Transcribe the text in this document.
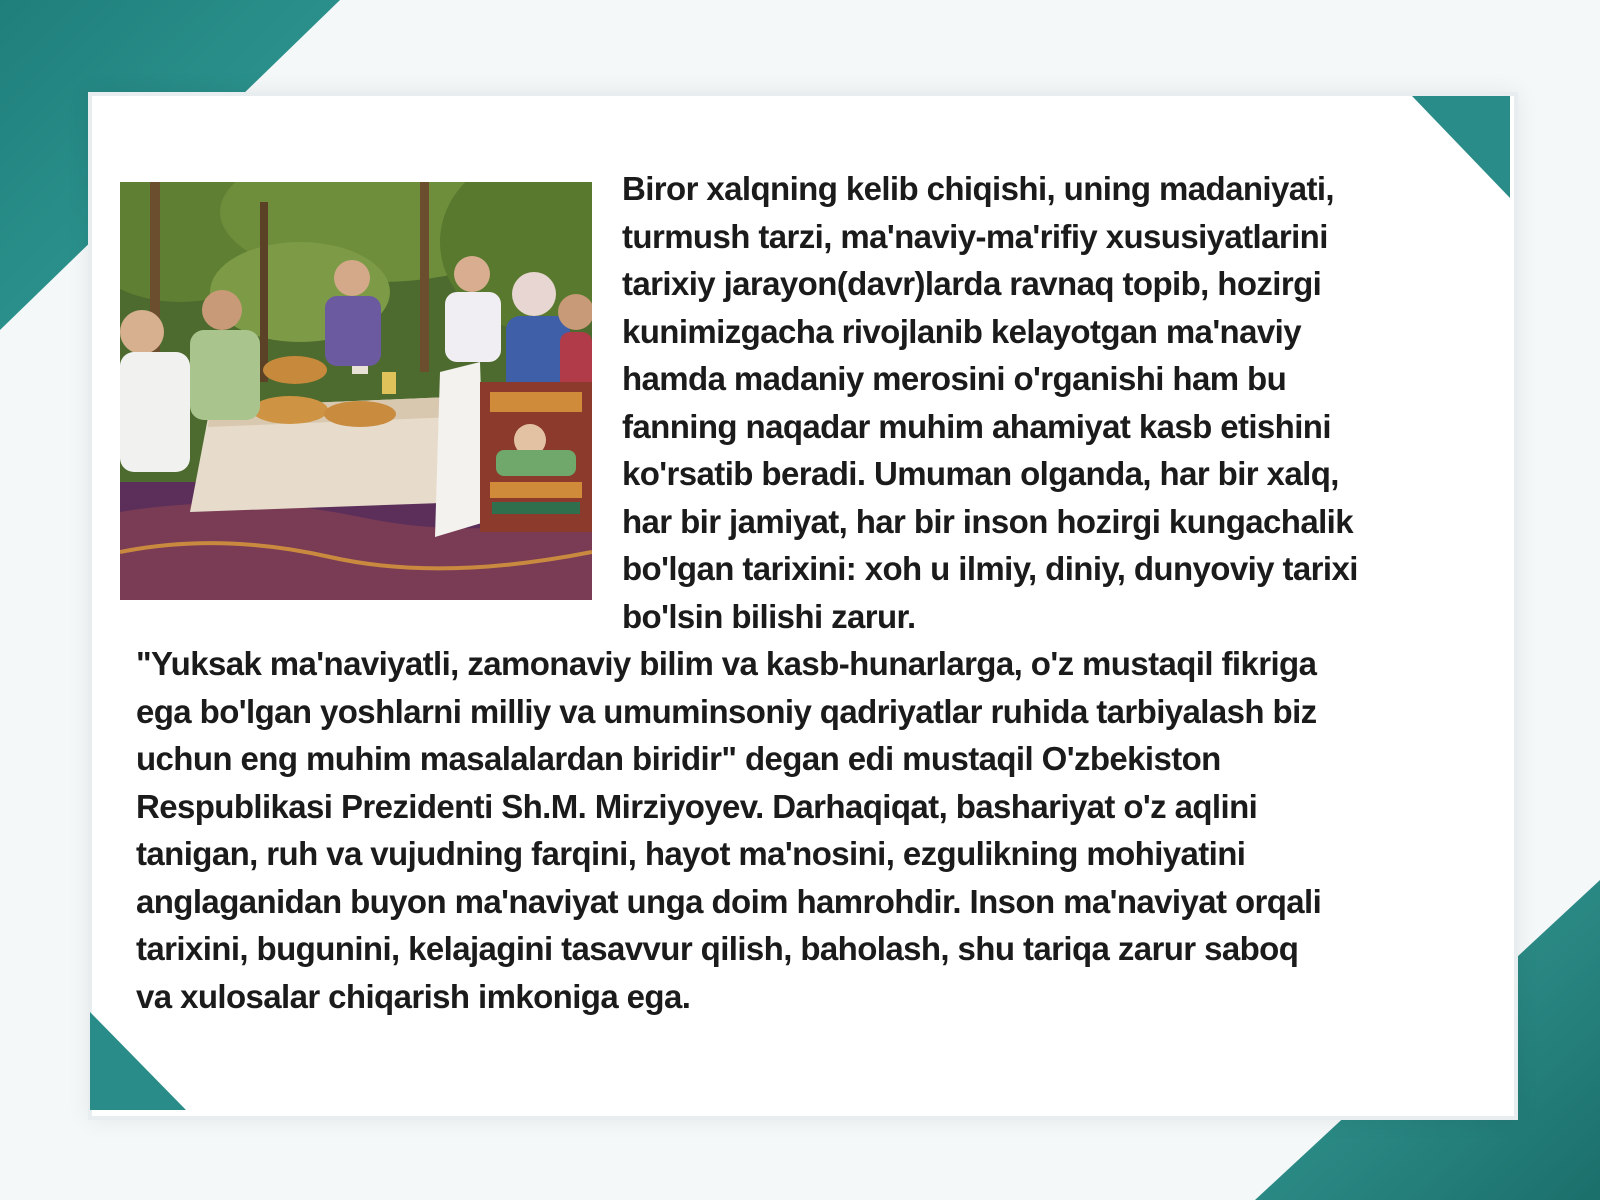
Biror xalqning kelib chiqishi, uning madaniyati,
turmush tarzi, ma'naviy-ma'rifiy xususiyatlarini
tarixiy jarayon(davr)larda ravnaq topib, hozirgi
kunimizgacha rivojlanib kelayotgan ma'naviy
hamda madaniy merosini o'rganishi ham bu
fanning naqadar muhim ahamiyat kasb etishini
ko'rsatib beradi. Umuman olganda, har bir xalq,
har bir jamiyat, har bir inson hozirgi kungachalik
bo'lgan tarixini: xoh u ilmiy, diniy, dunyoviy tarixi
bo'lsin bilishi zarur.

"Yuksak ma'naviyatli, zamonaviy bilim va kasb-hunarlarga, o'z mustaqil fikriga
ega bo'lgan yoshlarni milliy va umuminsoniy qadriyatlar ruhida tarbiyalash biz
uchun eng muhim masalalardan biridir" degan edi mustaqil O'zbekiston
Respublikasi Prezidenti Sh.M. Mirziyoyev. Darhaqiqat, bashariyat o'z aqlini
tanigan, ruh va vujudning farqini, hayot ma'nosini, ezgulikning mohiyatini
anglaganidan buyon ma'naviyat unga doim hamrohdir. Inson ma'naviyat orqali
tarixini, bugunini, kelajagini tasavvur qilish, baholash, shu tariqa zarur saboq
va xulosalar chiqarish imkoniga ega.
